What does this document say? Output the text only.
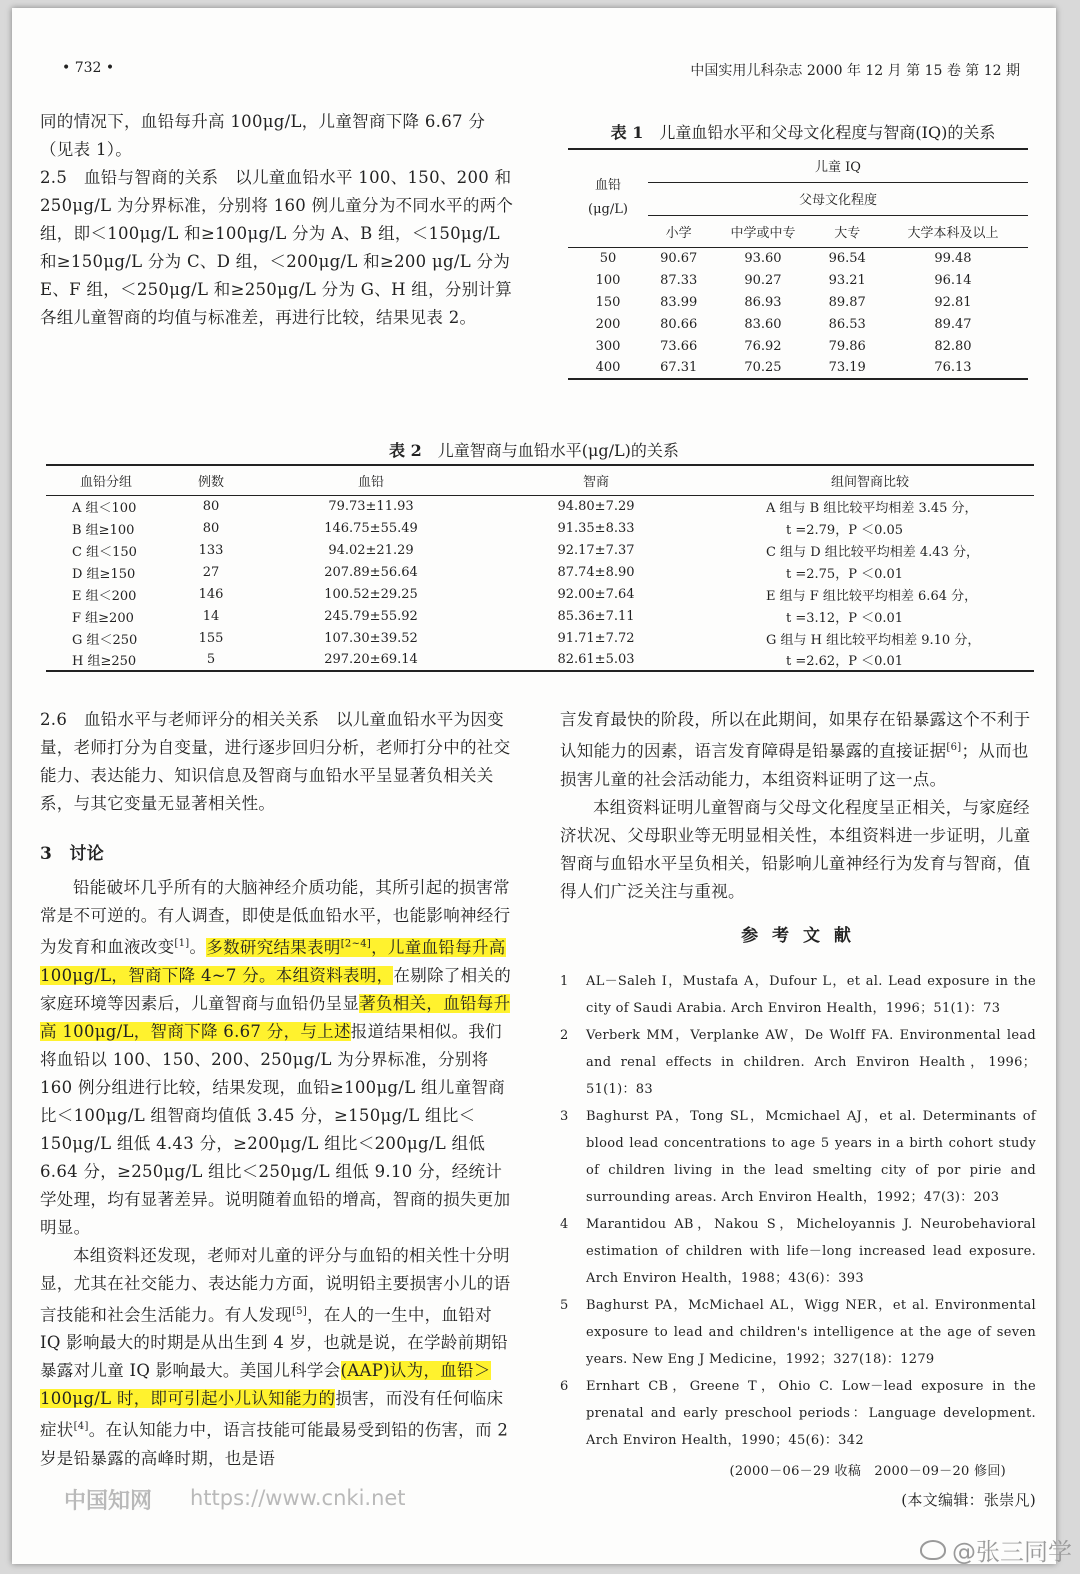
• 732 •	中国实用儿科杂志 2000 年 12 月 第 15 卷 第 12 期

同的情况下，血铅每升高 100μg/L，儿童智商下降 6.67 分（见表 1）。

2.5　血铅与智商的关系　以儿童血铅水平 100、150、200 和 250μg/L 为分界标准，分别将 160 例儿童分为不同水平的两个组，即＜100μg/L 和≥100μg/L 分为 A、B 组，＜150μg/L 和≥150μg/L 分为 C、D 组，＜200μg/L 和≥200 μg/L 分为 E、F 组，＜250μg/L 和≥250μg/L 分为 G、H 组，分别计算各组儿童智商的均值与标准差，再进行比较，结果见表 2。

表 1　 儿童血铅水平和父母文化程度与智商(IQ)的关系
血铅
(μg/L)	儿童 IQ			
	父母文化程度			
	小学	中学或中专	大专	大学本科及以上
50	90.67	93.60	96.54	99.48
100	87.33	90.27	93.21	96.14
150	83.99	86.93	89.87	92.81
200	80.66	83.60	86.53	89.47
300	73.66	76.92	79.86	82.80
400	67.31	70.25	73.19	76.13
表 2　 儿童智商与血铅水平(μg/L)的关系
血铅分组	例数	血铅	智商	组间智商比较
A 组＜100	80	79.73±11.93	94.80±7.29	A 组与 B 组比较平均相差 3.45 分，
B 组≥100	80	146.75±55.49	91.35±8.33	t =2.79，P ＜0.05
C 组＜150	133	94.02±21.29	92.17±7.37	C 组与 D 组比较平均相差 4.43 分，
D 组≥150	27	207.89±56.64	87.74±8.90	t =2.75，P ＜0.01
E 组＜200	146	100.52±29.25	92.00±7.64	E 组与 F 组比较平均相差 6.64 分，
F 组≥200	14	245.79±55.92	85.36±7.11	t =3.12，P ＜0.01
G 组＜250	155	107.30±39.52	91.71±7.72	G 组与 H 组比较平均相差 9.10 分，
H 组≥250	5	297.20±69.14	82.61±5.03	t =2.62，P ＜0.01

2.6　血铅水平与老师评分的相关关系　以儿童血铅水平为因变量，老师打分为自变量，进行逐步回归分析，老师打分中的社交能力、表达能力、知识信息及智商与血铅水平呈显著负相关关系，与其它变量无显著相关性。

3　讨论

铅能破坏几乎所有的大脑神经介质功能，其所引起的损害常常是不可逆的。有人调查，即使是低血铅水平，也能影响神经行为发育和血液改变[1]。多数研究结果表明[2~4]，儿童血铅每升高 100μg/L，智商下降 4~7 分。本组资料表明，在剔除了相关的家庭环境等因素后，儿童智商与血铅仍呈显著负相关，血铅每升高 100μg/L，智商下降 6.67 分，与上述报道结果相似。我们将血铅以 100、150、200、250μg/L 为分界标准，分别将 160 例分组进行比较，结果发现，血铅≥100μg/L 组儿童智商比＜100μg/L 组智商均值低 3.45 分，≥150μg/L 组比＜150μg/L 组低 4.43 分，≥200μg/L 组比＜200μg/L 组低 6.64 分，≥250μg/L 组比＜250μg/L 组低 9.10 分，经统计学处理，均有显著差异。说明随着血铅的增高，智商的损失更加明显。

本组资料还发现，老师对儿童的评分与血铅的相关性十分明显，尤其在社交能力、表达能力方面，说明铅主要损害小儿的语言技能和社会生活能力。有人发现[5]，在人的一生中，血铅对 IQ 影响最大的时期是从出生到 4 岁，也就是说，在学龄前期铅暴露对儿童 IQ 影响最大。美国儿科学会(AAP)认为，血铅＞100μg/L 时，即可引起小儿认知能力的损害，而没有任何临床症状[4]。在认知能力中，语言技能可能最易受到铅的伤害，而 2 岁是铅暴露的高峰时期，也是语

言发育最快的阶段，所以在此期间，如果存在铅暴露这个不利于认知能力的因素，语言发育障碍是铅暴露的直接证据[6]；从而也损害儿童的社会活动能力，本组资料证明了这一点。

本组资料证明儿童智商与父母文化程度呈正相关，与家庭经济状况、父母职业等无明显相关性，本组资料进一步证明，儿童智商与血铅水平呈负相关，铅影响儿童神经行为发育与智商，值得人们广泛关注与重视。

参 考 文 献

1	AL－Saleh I，Mustafa A，Dufour L，et al. Lead exposure in the city of Saudi Arabia. Arch Environ Health，1996；51(1)：73
2	Verberk MM，Verplanke AW，De Wolff FA. Environmental lead and renal effects in children. Arch Environ Health，1996；51(1)：83
3	Baghurst PA，Tong SL，Mcmichael AJ，et al. Determinants of blood lead concentrations to age 5 years in a birth cohort study of children living in the lead smelting city of por pirie and surrounding areas. Arch Environ Health，1992；47(3)：203
4	Marantidou AB，Nakou S，Micheloyannis J. Neurobehavioral estimation of children with life－long increased lead exposure. Arch Environ Health，1988；43(6)：393
5	Baghurst PA，McMichael AL，Wigg NER，et al. Environmental exposure to lead and children's intelligence at the age of seven years. New Eng J Medicine，1992；327(18)：1279
6	Ernhart CB，Greene T，Ohio C. Low－lead exposure in the prenatal and early preschool periods：Language development. Arch Environ Health，1990；45(6)：342

(2000－06－29 收稿　2000－09－20 修回)

(本文编辑：张崇凡)

中国知网 https://www.cnki.net
@张三同学
